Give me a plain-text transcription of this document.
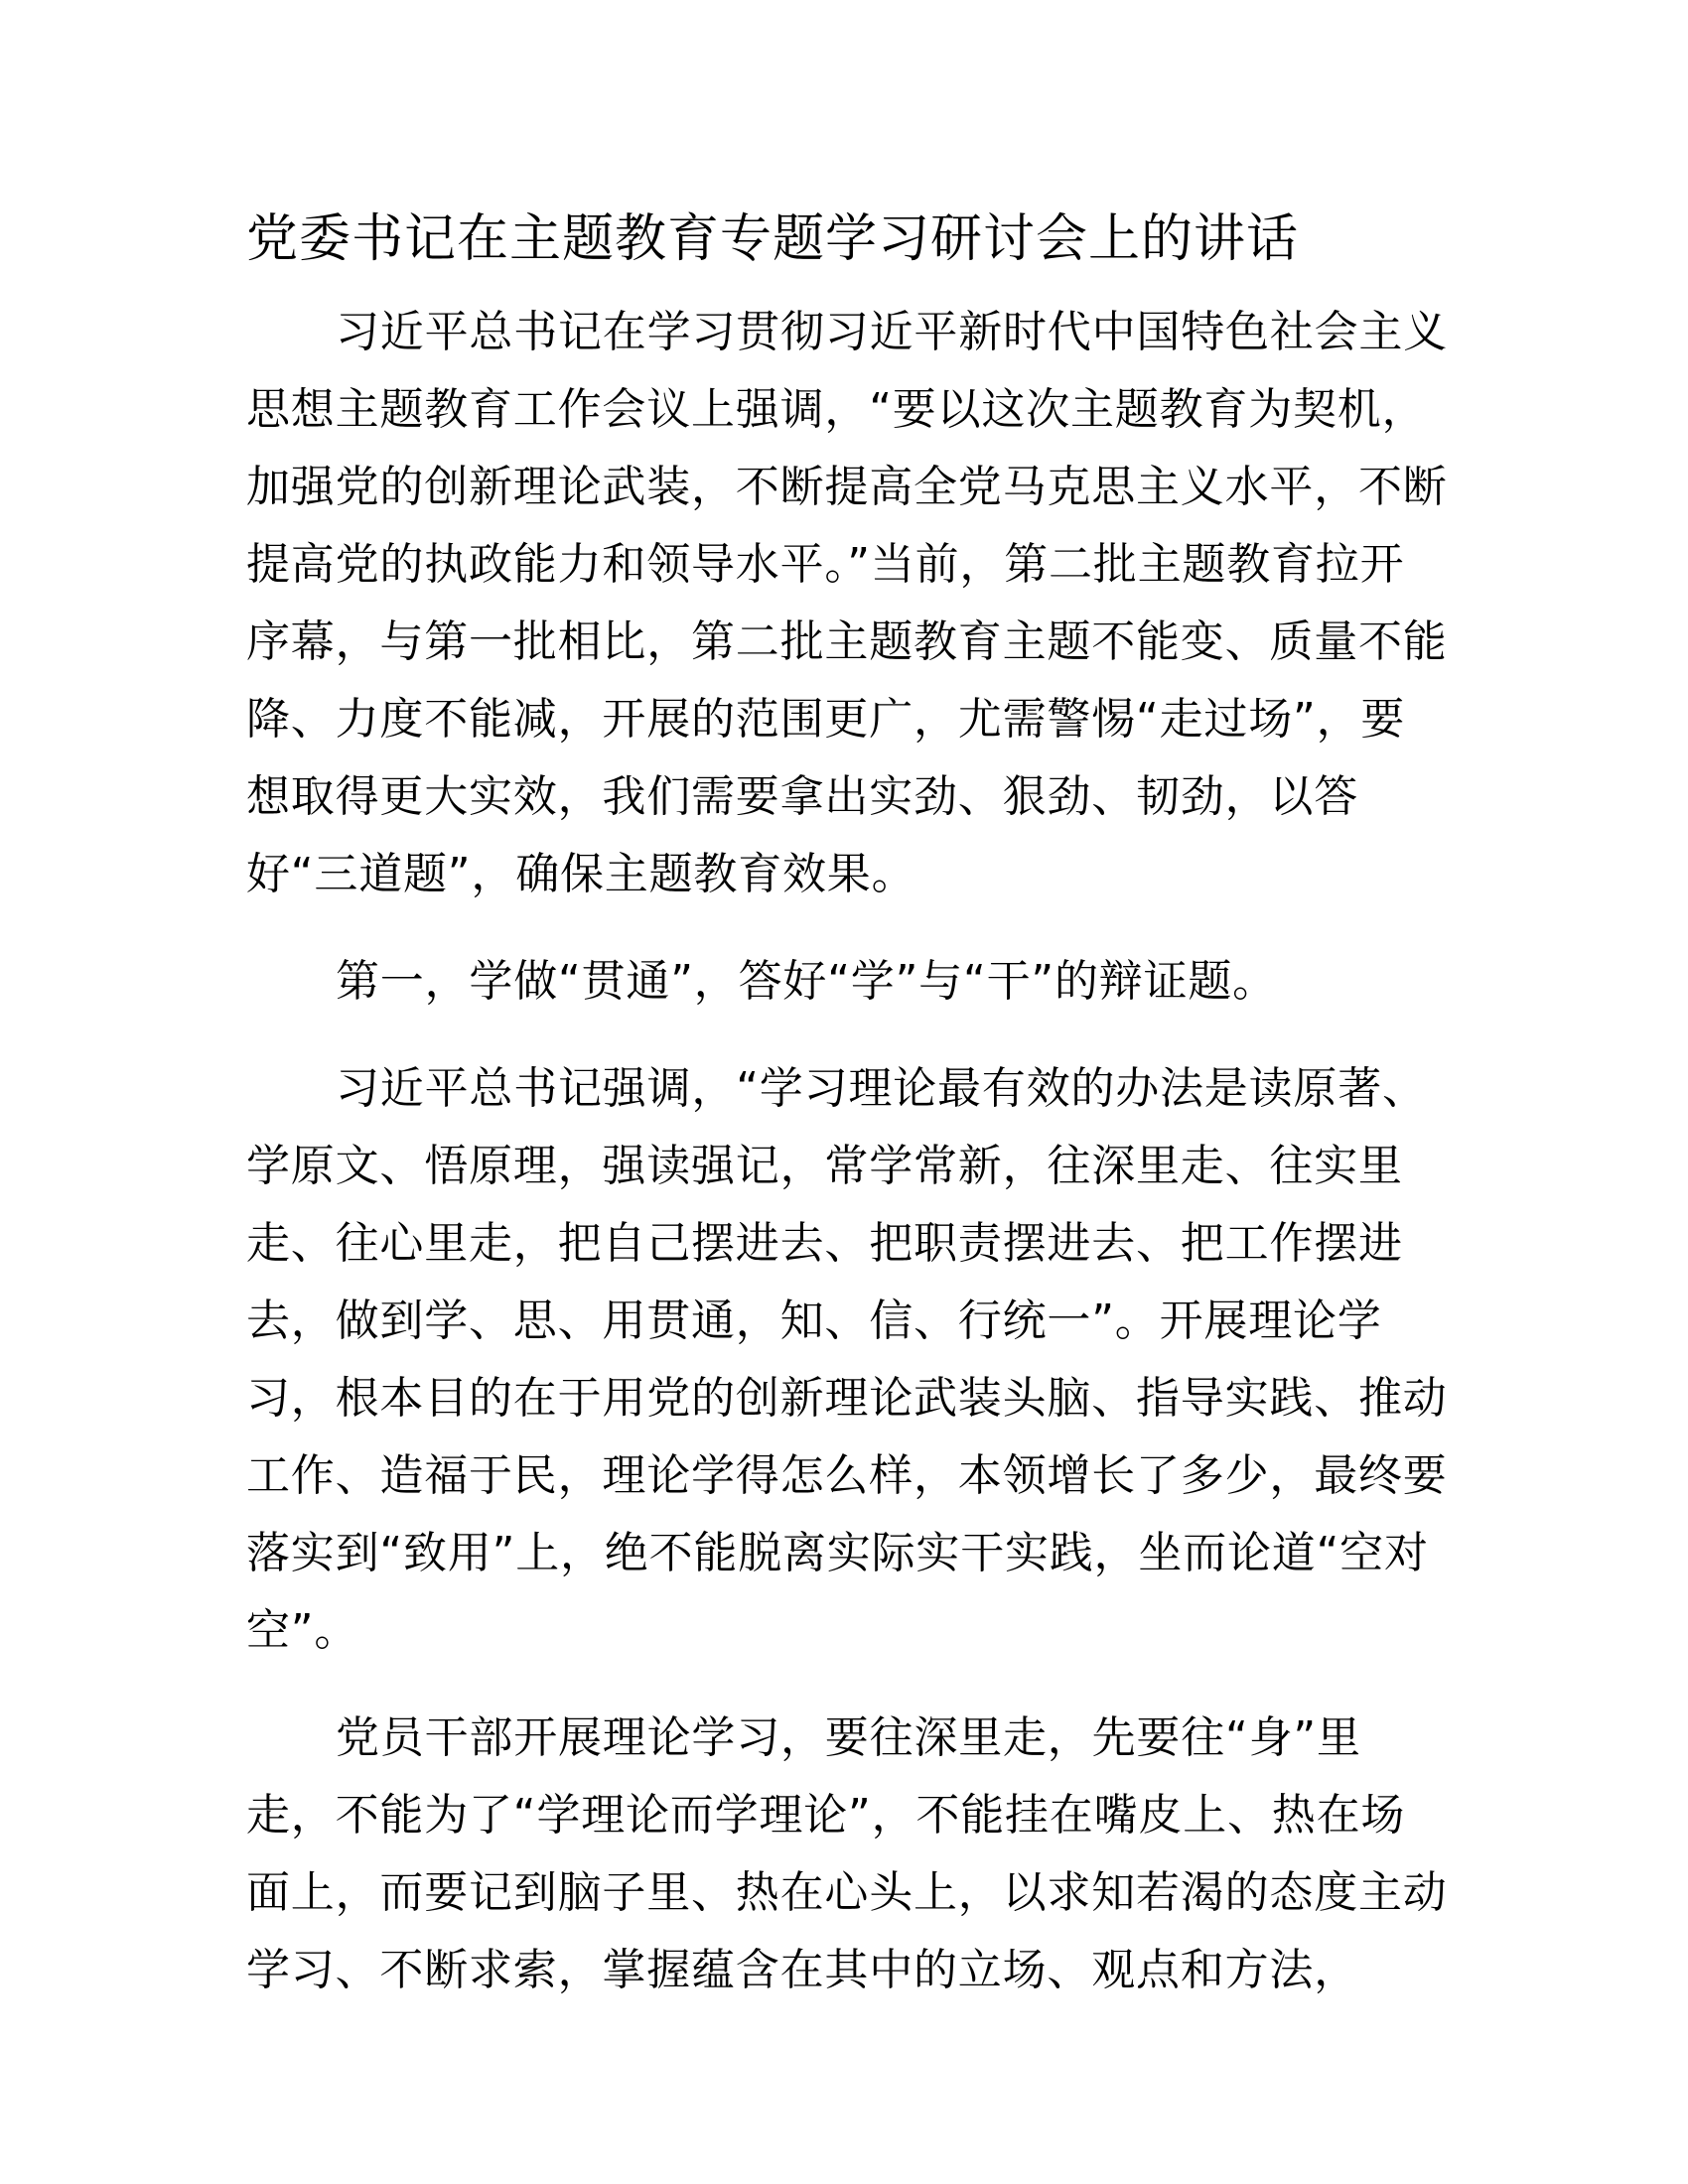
党委书记在主题教育专题学习研讨会上的讲话

习近平总书记在学习贯彻习近平新时代中国特色社会主义
思想主题教育工作会议上强调，“要以这次主题教育为契机，
加强党的创新理论武装，不断提高全党马克思主义水平，不断
提高党的执政能力和领导水平。”当前，第二批主题教育拉开
序幕，与第一批相比，第二批主题教育主题不能变、质量不能
降、力度不能减，开展的范围更广，尤需警惕“走过场”，要
想取得更大实效，我们需要拿出实劲、狠劲、韧劲，以答
好“三道题”，确保主题教育效果。

第一，学做“贯通”，答好“学”与“干”的辩证题。

习近平总书记强调，“学习理论最有效的办法是读原著、
学原文、悟原理，强读强记，常学常新，往深里走、往实里
走、往心里走，把自己摆进去、把职责摆进去、把工作摆进
去，做到学、思、用贯通，知、信、行统一”。开展理论学
习，根本目的在于用党的创新理论武装头脑、指导实践、推动
工作、造福于民，理论学得怎么样，本领增长了多少，最终要
落实到“致用”上，绝不能脱离实际实干实践，坐而论道“空对
空”。

党员干部开展理论学习，要往深里走，先要往“身”里
走，不能为了“学理论而学理论”，不能挂在嘴皮上、热在场
面上，而要记到脑子里、热在心头上，以求知若渴的态度主动
学习、不断求索，掌握蕴含在其中的立场、观点和方法，
